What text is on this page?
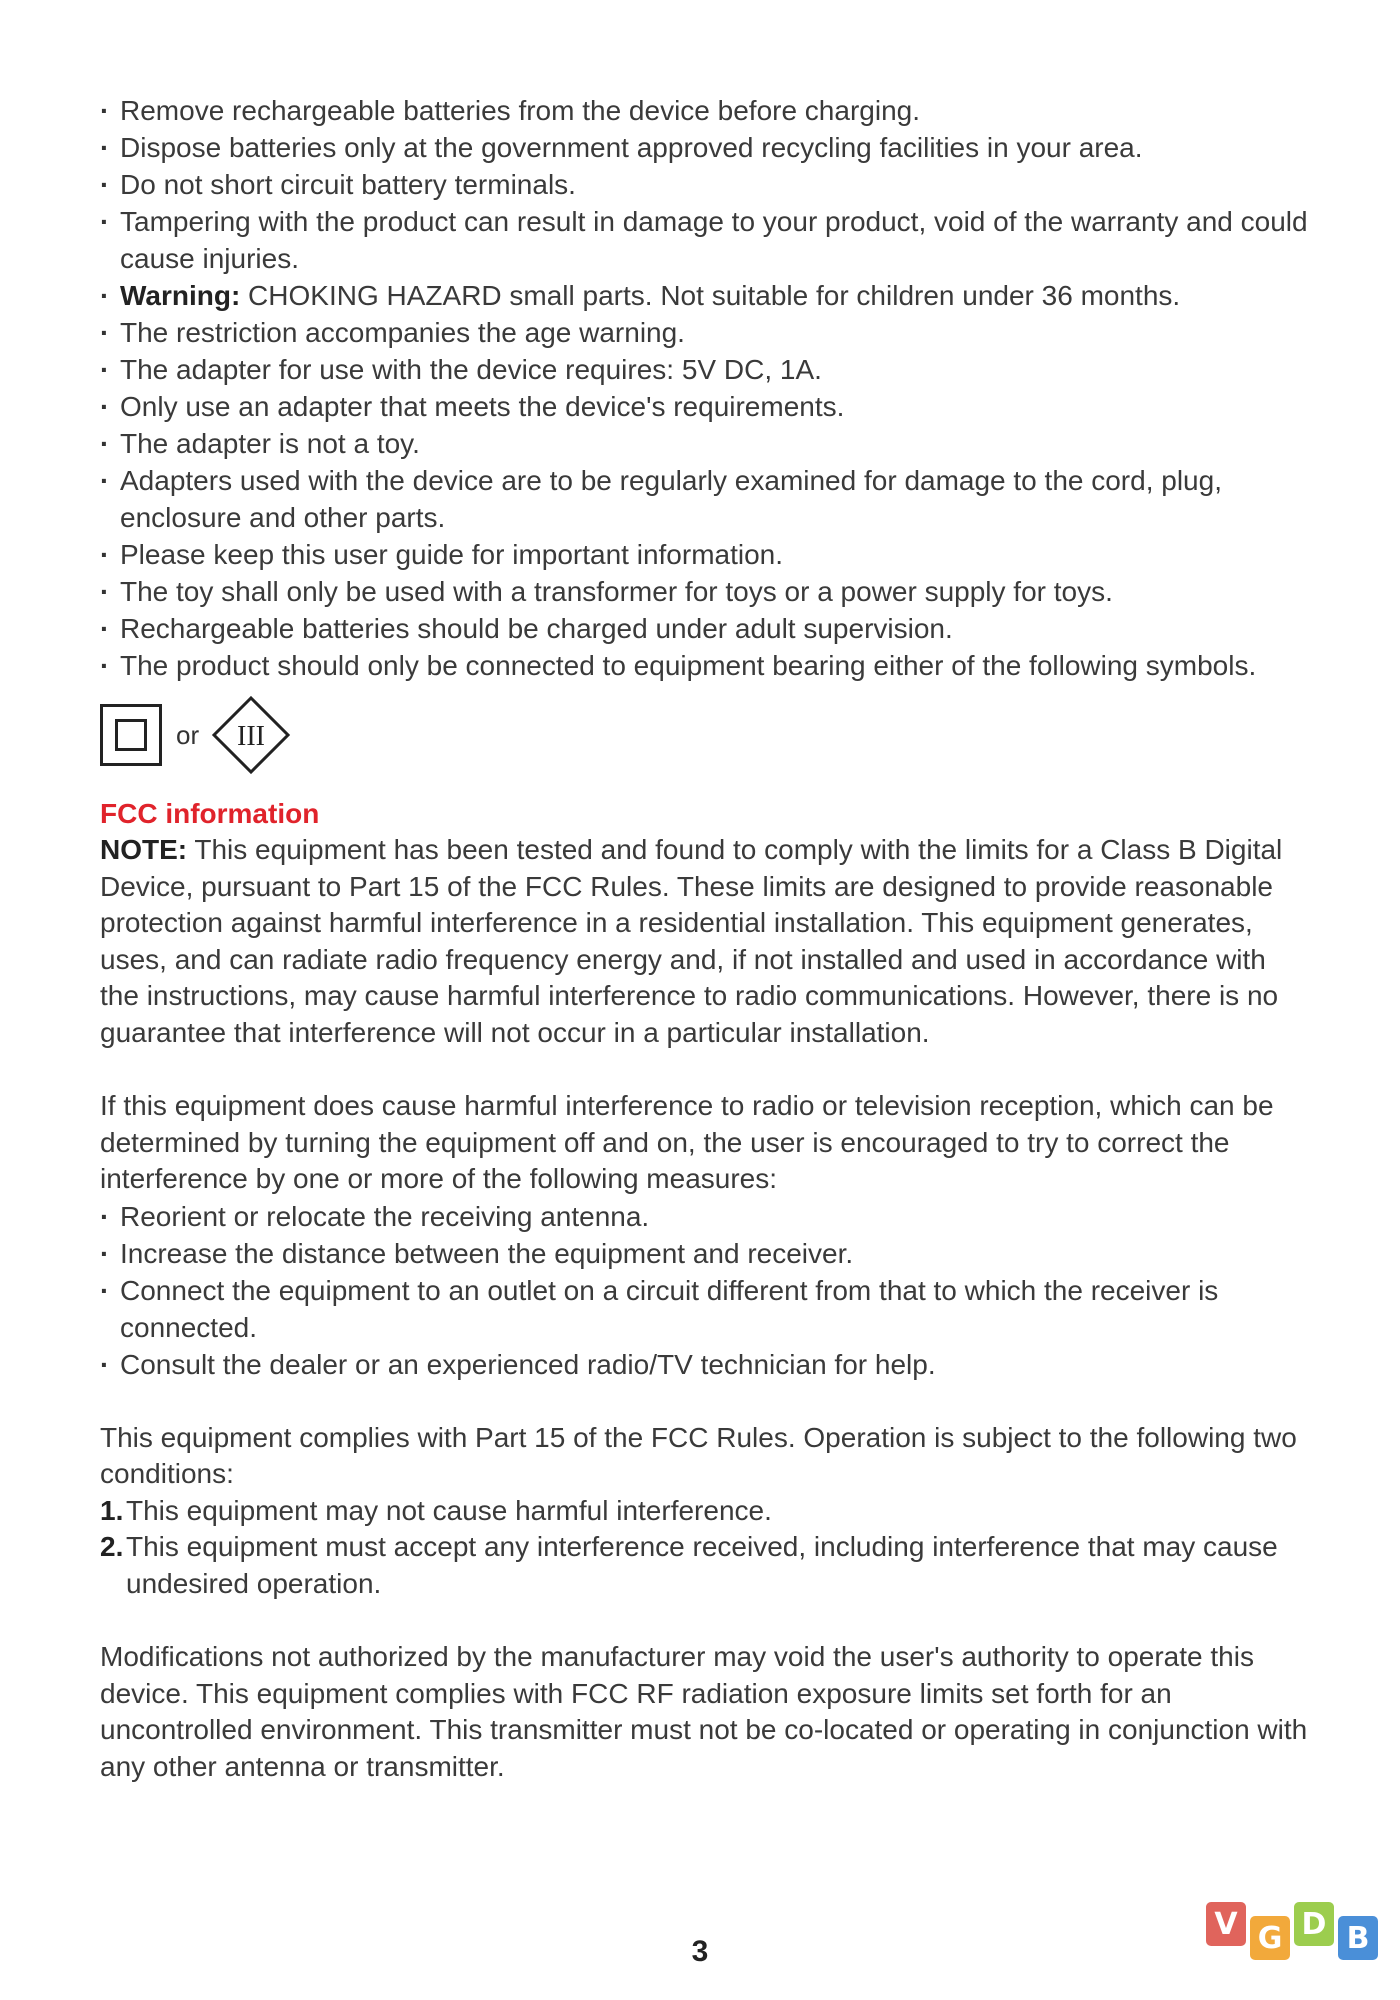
· Remove rechargeable batteries from the device before charging.
· Dispose batteries only at the government approved recycling facilities in your area.
· Do not short circuit battery terminals.
· Tampering with the product can result in damage to your product, void of the warranty and could cause injuries.
· Warning: CHOKING HAZARD small parts. Not suitable for children under 36 months.
· The restriction accompanies the age warning.
· The adapter for use with the device requires: 5V DC, 1A.
· Only use an adapter that meets the device's requirements.
· The adapter is not a toy.
· Adapters used with the device are to be regularly examined for damage to the cord, plug, enclosure and other parts.
· Please keep this user guide for important information.
· The toy shall only be used with a transformer for toys or a power supply for toys.
· Rechargeable batteries should be charged under adult supervision.
· The product should only be connected to equipment bearing either of the following symbols.
or III
FCC information

NOTE: This equipment has been tested and found to comply with the limits for a Class B Digital Device, pursuant to Part 15 of the FCC Rules. These limits are designed to provide reasonable protection against harmful interference in a residential installation. This equipment generates, uses, and can radiate radio frequency energy and, if not installed and used in accordance with the instructions, may cause harmful interference to radio communications. However, there is no guarantee that interference will not occur in a particular installation.

If this equipment does cause harmful interference to radio or television reception, which can be determined by turning the equipment off and on, the user is encouraged to try to correct the interference by one or more of the following measures:

· Reorient or relocate the receiving antenna.
· Increase the distance between the equipment and receiver.
· Connect the equipment to an outlet on a circuit different from that to which the receiver is connected.
· Consult the dealer or an experienced radio/TV technician for help.

This equipment complies with Part 15 of the FCC Rules. Operation is subject to the following two conditions:

1. This equipment may not cause harmful interference.
2. This equipment must accept any interference received, including interference that may cause undesired operation.

Modifications not authorized by the manufacturer may void the user's authority to operate this device. This equipment complies with FCC RF radiation exposure limits set forth for an uncontrolled environment. This transmitter must not be co-located or operating in conjunction with any other antenna or transmitter.

3
V G D B
